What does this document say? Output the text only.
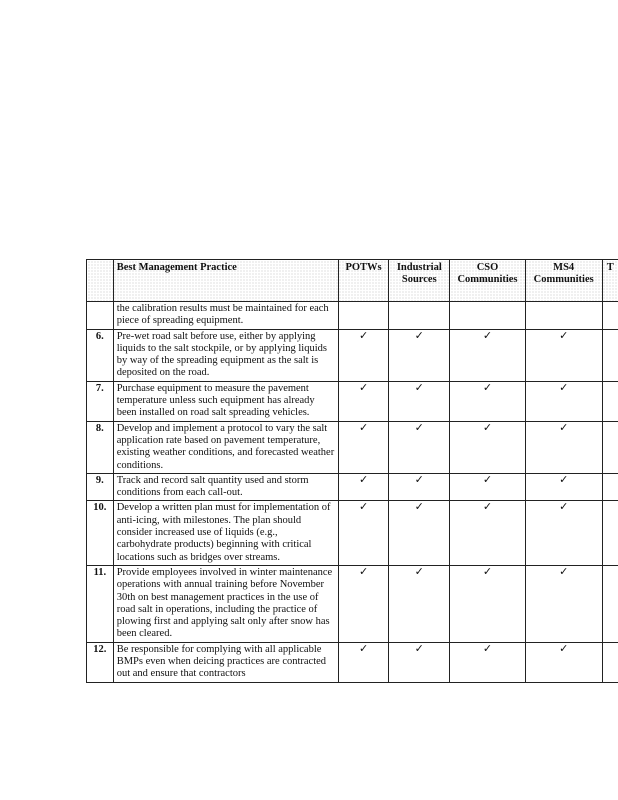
	Best Management Practice	POTWs	Industrial Sources	CSO Communities	MS4 Communities	T
	the calibration results must be maintained for each piece of spreading equipment.					
6.	Pre-wet road salt before use, either by applying liquids to the salt stockpile, or by applying liquids by way of the spreading equipment as the salt is deposited on the road.	✓	✓	✓	✓	
7.	Purchase equipment to measure the pavement temperature unless such equipment has already been installed on road salt spreading vehicles.	✓	✓	✓	✓	
8.	Develop and implement a protocol to vary the salt application rate based on pavement temperature, existing weather conditions, and forecasted weather conditions.	✓	✓	✓	✓	
9.	Track and record salt quantity used and storm conditions from each call-out.	✓	✓	✓	✓	
10.	Develop a written plan must for implementation of anti-icing, with milestones. The plan should consider increased use of liquids (e.g., carbohydrate products) beginning with critical locations such as bridges over streams.	✓	✓	✓	✓	
11.	Provide employees involved in winter maintenance operations with annual training before November 30th on best management practices in the use of road salt in operations, including the practice of plowing first and applying salt only after snow has been cleared.	✓	✓	✓	✓	
12.	Be responsible for complying with all applicable BMPs even when deicing practices are contracted out and ensure that contractors	✓	✓	✓	✓	
